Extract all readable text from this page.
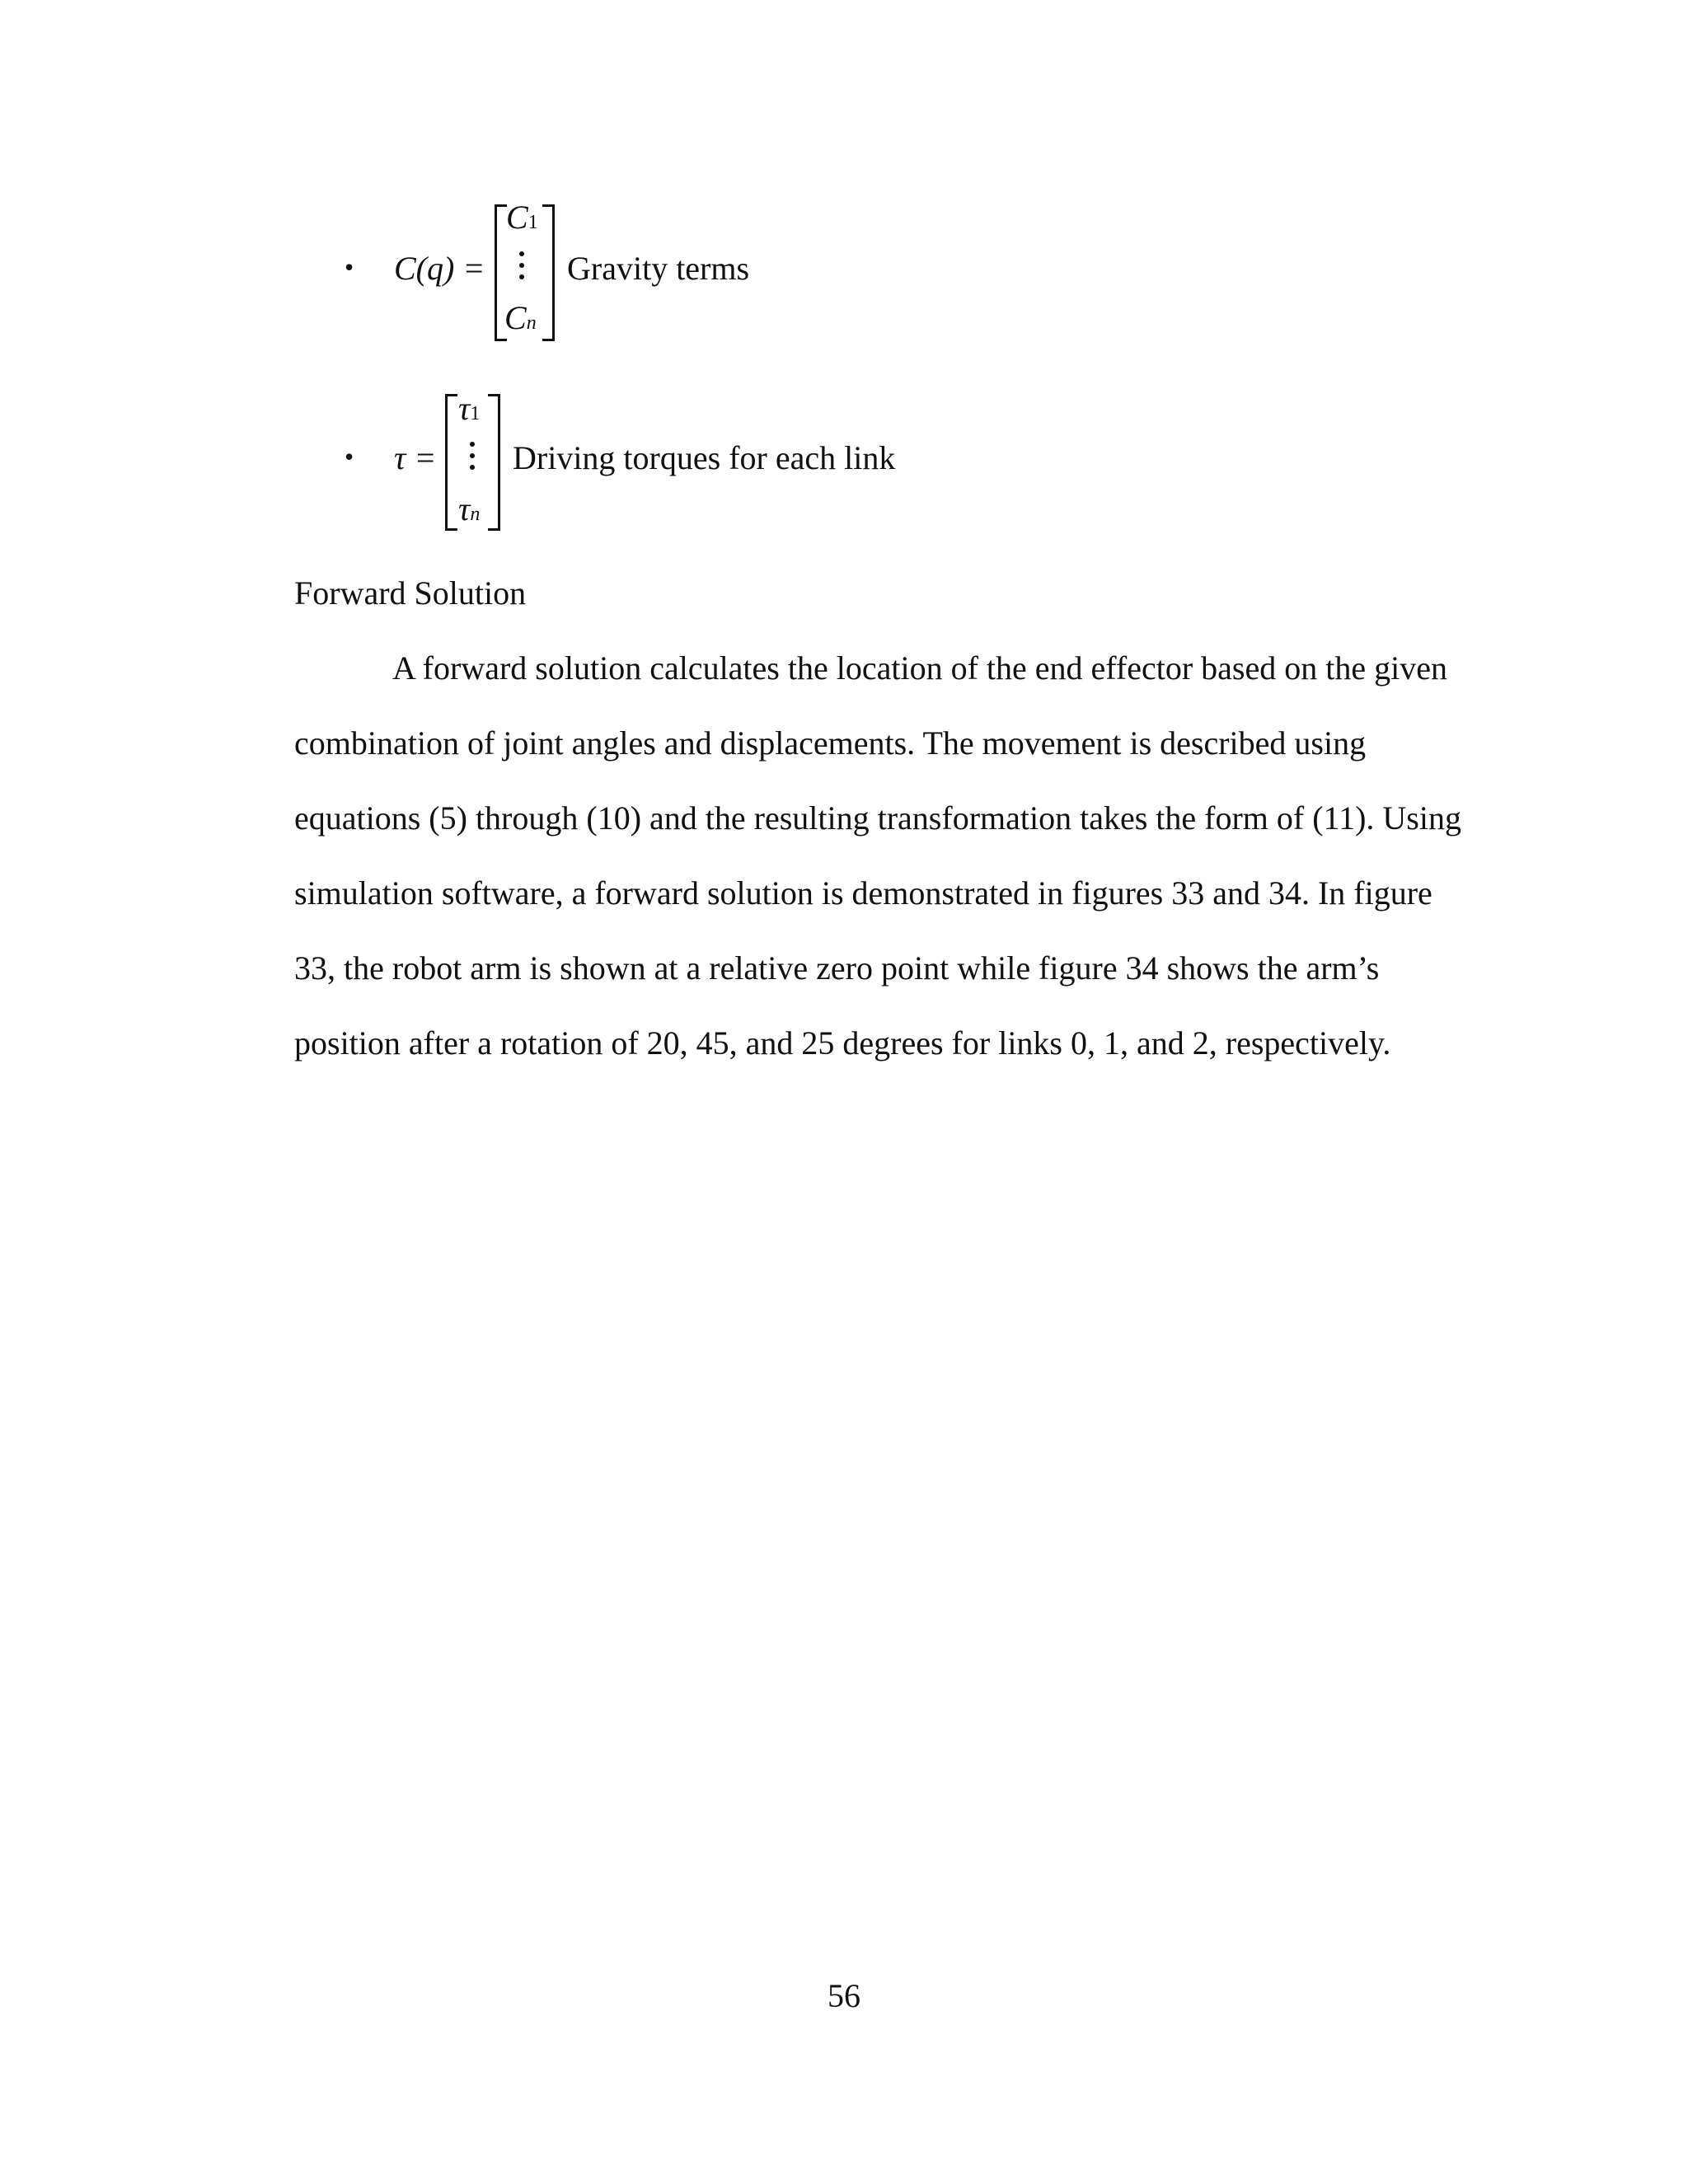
• C(q) =
C1
Cn
Gravity terms
• τ =
τ1
τn
Driving torques for each link
Forward Solution
A forward solution calculates the location of the end effector based on the given
combination of joint angles and displacements. The movement is described using
equations (5) through (10) and the resulting transformation takes the form of (11). Using
simulation software, a forward solution is demonstrated in figures 33 and 34. In figure
33, the robot arm is shown at a relative zero point while figure 34 shows the arm’s
position after a rotation of 20, 45, and 25 degrees for links 0, 1, and 2, respectively.
56
